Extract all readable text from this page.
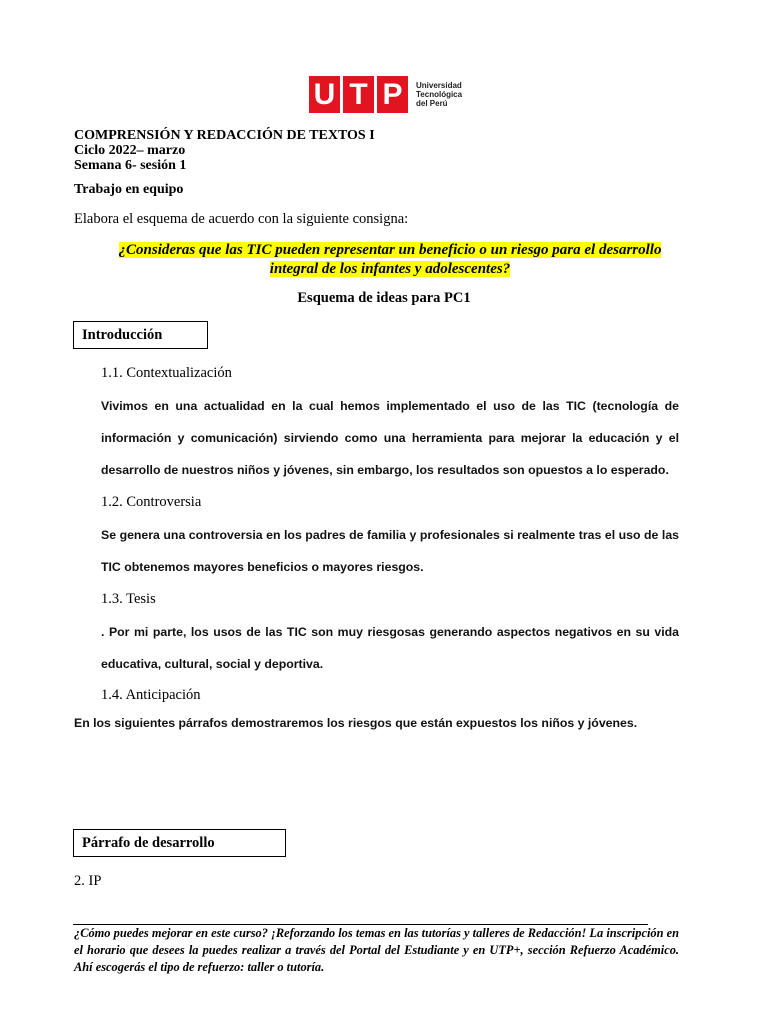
U T P	Universidad
Tecnológica
del Perú
COMPRENSIÓN Y REDACCIÓN DE TEXTOS I
Ciclo 2022– marzo
Semana 6- sesión 1
Trabajo en equipo
Elabora el esquema de acuerdo con la siguiente consigna:
¿Consideras que las TIC pueden representar un beneficio o un riesgo para el desarrollo
integral de los infantes y adolescentes?
Esquema de ideas para PC1
Introducción
1.1. Contextualización
Vivimos en una actualidad en la cual hemos implementado el uso de las TIC (tecnología de información y comunicación) sirviendo como una herramienta para mejorar la educación y el desarrollo de nuestros niños y jóvenes, sin embargo, los resultados son opuestos a lo esperado.
1.2. Controversia
Se genera una controversia en los padres de familia y profesionales si realmente tras el uso de las TIC obtenemos mayores beneficios o mayores riesgos.
1.3. Tesis
. Por mi parte, los usos de las TIC son muy riesgosas generando aspectos negativos en su vida educativa, cultural, social y deportiva.
1.4. Anticipación
En los siguientes párrafos demostraremos los riesgos que están expuestos los niños y jóvenes.
Párrafo de desarrollo
2. IP
¿Cómo puedes mejorar en este curso? ¡Reforzando los temas en las tutorías y talleres de Redacción! La inscripción en el horario que desees la puedes realizar a través del Portal del Estudiante y en UTP+, sección Refuerzo Académico. Ahí escogerás el tipo de refuerzo: taller o tutoría.
